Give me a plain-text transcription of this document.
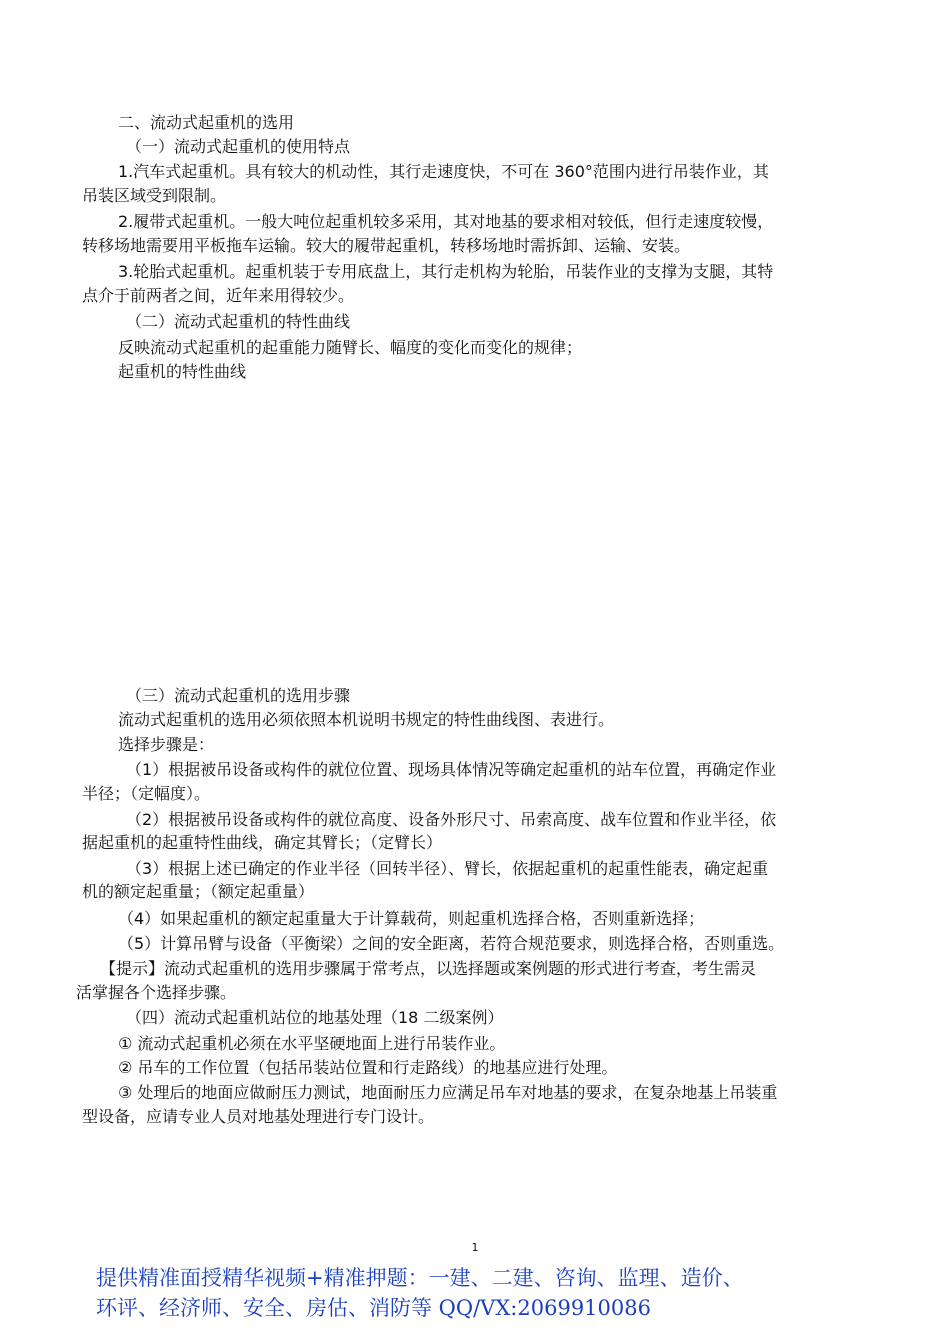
二、流动式起重机的选用
（一）流动式起重机的使用特点
1.汽车式起重机。具有较大的机动性，其行走速度快，不可在 360°范围内进行吊装作业，其
吊装区域受到限制。
2.履带式起重机。一般大吨位起重机较多采用，其对地基的要求相对较低，但行走速度较慢，
转移场地需要用平板拖车运输。较大的履带起重机，转移场地时需拆卸、运输、安装。
3.轮胎式起重机。起重机装于专用底盘上，其行走机构为轮胎，吊装作业的支撑为支腿，其特
点介于前两者之间，近年来用得较少。
（二）流动式起重机的特性曲线
反映流动式起重机的起重能力随臂长、幅度的变化而变化的规律；
起重机的特性曲线
（三）流动式起重机的选用步骤
流动式起重机的选用必须依照本机说明书规定的特性曲线图、表进行。
选择步骤是：
（1）根据被吊设备或构件的就位位置、现场具体情况等确定起重机的站车位置，再确定作业
半径；（定幅度）。
（2）根据被吊设备或构件的就位高度、设备外形尺寸、吊索高度、战车位置和作业半径，依
据起重机的起重特性曲线，确定其臂长；（定臂长）
（3）根据上述已确定的作业半径（回转半径）、臂长，依据起重机的起重性能表，确定起重
机的额定起重量；（额定起重量）
（4）如果起重机的额定起重量大于计算载荷，则起重机选择合格，否则重新选择；
（5）计算吊臂与设备（平衡梁）之间的安全距离，若符合规范要求，则选择合格，否则重选。
【提示】流动式起重机的选用步骤属于常考点，以选择题或案例题的形式进行考查，考生需灵
活掌握各个选择步骤。
（四）流动式起重机站位的地基处理（18 二级案例）
① 流动式起重机必须在水平坚硬地面上进行吊装作业。
② 吊车的工作位置（包括吊装站位置和行走路线）的地基应进行处理。
③ 处理后的地面应做耐压力测试，地面耐压力应满足吊车对地基的要求，在复杂地基上吊装重
型设备，应请专业人员对地基处理进行专门设计。
1
提供精准面授精华视频+精准押题：一建、二建、咨询、监理、造价、
环评、经济师、安全、房估、消防等 QQ/VX:2069910086
